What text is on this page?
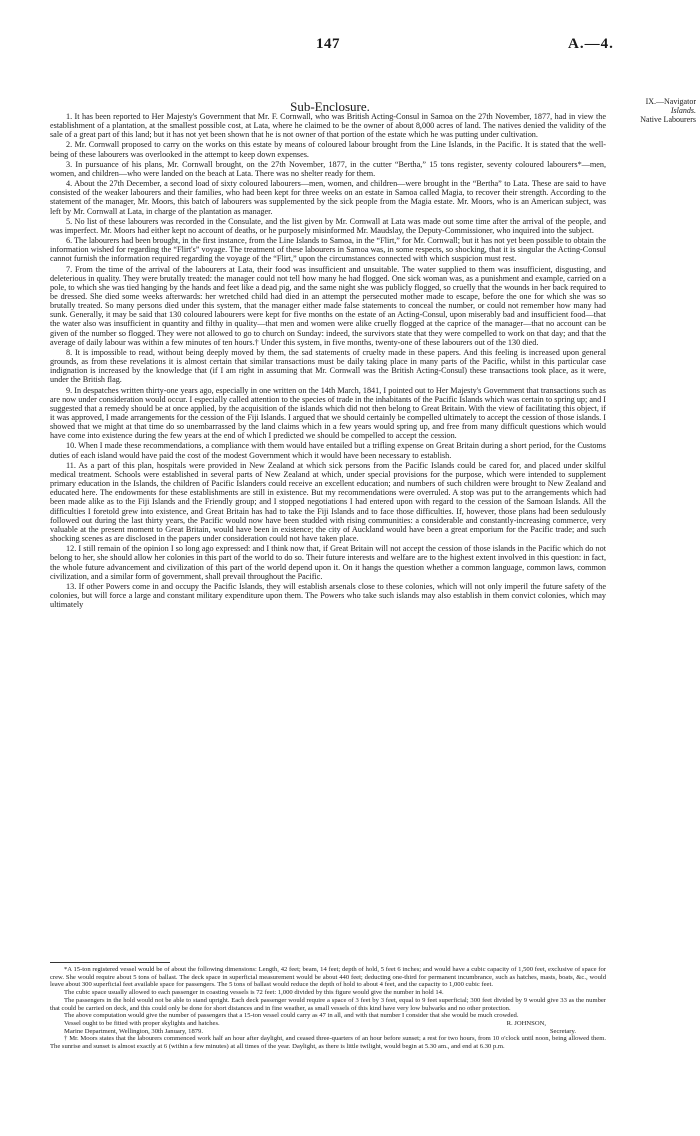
147	A.—4.
IX.—Navigator
Islands.
Native Labourers
Sub-Enclosure.

1. It has been reported to Her Majesty's Government that Mr. F. Cornwall, who was British Acting-Consul in Samoa on the 27th November, 1877, had in view the establishment of a plantation, at the smallest possible cost, at Lata, where he claimed to be the owner of about 8,000 acres of land. The natives denied the validity of the sale of a great part of this land; but it has not yet been shown that he is not owner of that portion of the estate which he was putting under cultivation.

2. Mr. Cornwall proposed to carry on the works on this estate by means of coloured labour brought from the Line Islands, in the Pacific. It is stated that the well-being of these labourers was overlooked in the attempt to keep down expenses.

3. In pursuance of his plans, Mr. Cornwall brought, on the 27th November, 1877, in the cutter “Bertha,” 15 tons register, seventy coloured labourers*—men, women, and children—who were landed on the beach at Lata. There was no shelter ready for them.

4. About the 27th December, a second load of sixty coloured labourers—men, women, and children—were brought in the “Bertha” to Lata. These are said to have consisted of the weaker labourers and their families, who had been kept for three weeks on an estate in Samoa called Magia, to recover their strength. According to the statement of the manager, Mr. Moors, this batch of labourers was supplemented by the sick people from the Magia estate. Mr. Moors, who is an American subject, was left by Mr. Cornwall at Lata, in charge of the plantation as manager.

5. No list of these labourers was recorded in the Consulate, and the list given by Mr. Cornwall at Lata was made out some time after the arrival of the people, and was imperfect. Mr. Moors had either kept no account of deaths, or he purposely misinformed Mr. Maudslay, the Deputy-Commissioner, who inquired into the subject.

6. The labourers had been brought, in the first instance, from the Line Islands to Samoa, in the “Flirt,” for Mr. Cornwall; but it has not yet been possible to obtain the information wished for regarding the “Flirt's” voyage. The treatment of these labourers in Samoa was, in some respects, so shocking, that it is singular the Acting-Consul cannot furnish the information required regarding the voyage of the “Flirt,” upon the circumstances connected with which suspicion must rest.

7. From the time of the arrival of the labourers at Lata, their food was insufficient and unsuitable. The water supplied to them was insufficient, disgusting, and deleterious in quality. They were brutally treated: the manager could not tell how many he had flogged. One sick woman was, as a punishment and example, carried on a pole, to which she was tied hanging by the hands and feet like a dead pig, and the same night she was publicly flogged, so cruelly that the wounds in her back required to be dressed. She died some weeks afterwards: her wretched child had died in an attempt the persecuted mother made to escape, before the one for which she was so brutally treated. So many persons died under this system, that the manager either made false statements to conceal the number, or could not remember how many had sunk. Generally, it may be said that 130 coloured labourers were kept for five months on the estate of an Acting-Consul, upon miserably bad and insufficient food—that the water also was insufficient in quantity and filthy in quality—that men and women were alike cruelly flogged at the caprice of the manager—that no account can be given of the number so flogged. They were not allowed to go to church on Sunday: indeed, the survivors state that they were compelled to work on that day; and that the average of daily labour was within a few minutes of ten hours.† Under this system, in five months, twenty-one of these labourers out of the 130 died.

8. It is impossible to read, without being deeply moved by them, the sad statements of cruelty made in these papers. And this feeling is increased upon general grounds, as from these revelations it is almost certain that similar transactions must be daily taking place in many parts of the Pacific, whilst in this particular case indignation is increased by the knowledge that (if I am right in assuming that Mr. Cornwall was the British Acting-Consul) these transactions took place, as it were, under the British flag.

9. In despatches written thirty-one years ago, especially in one written on the 14th March, 1841, I pointed out to Her Majesty's Government that transactions such as are now under consideration would occur. I especially called attention to the species of trade in the inhabitants of the Pacific Islands which was certain to spring up; and I suggested that a remedy should be at once applied, by the acquisition of the islands which did not then belong to Great Britain. With the view of facilitating this object, if it was approved, I made arrangements for the cession of the Fiji Islands. I argued that we should certainly be compelled ultimately to accept the cession of those islands. I showed that we might at that time do so unembarrassed by the land claims which in a few years would spring up, and free from many difficult questions which would have come into existence during the few years at the end of which I predicted we should be compelled to accept the cession.

10. When I made these recommendations, a compliance with them would have entailed but a trifling expense on Great Britain during a short period, for the Customs duties of each island would have paid the cost of the modest Government which it would have been necessary to establish.

11. As a part of this plan, hospitals were provided in New Zealand at which sick persons from the Pacific Islands could be cared for, and placed under skilful medical treatment. Schools were established in several parts of New Zealand at which, under special provisions for the purpose, which were intended to supplement primary education in the Islands, the children of Pacific Islanders could receive an excellent education; and numbers of such children were brought to New Zealand and educated here. The endowments for these establishments are still in existence. But my recommendations were overruled. A stop was put to the arrangements which had been made alike as to the Fiji Islands and the Friendly group; and I stopped negotiations I had entered upon with regard to the cession of the Samoan Islands. All the difficulties I foretold grew into existence, and Great Britain has had to take the Fiji Islands and to face those difficulties. If, however, those plans had been sedulously followed out during the last thirty years, the Pacific would now have been studded with rising communities: a considerable and constantly-increasing commerce, very valuable at the present moment to Great Britain, would have been in existence; the city of Auckland would have been a great emporium for the Pacific trade; and such shocking scenes as are disclosed in the papers under consideration could not have taken place.

12. I still remain of the opinion I so long ago expressed: and I think now that, if Great Britain will not accept the cession of those islands in the Pacific which do not belong to her, she should allow her colonies in this part of the world to do so. Their future interests and welfare are to the highest extent involved in this question: in fact, the whole future advancement and civilization of this part of the world depend upon it. On it hangs the question whether a common language, common laws, common civilization, and a similar form of government, shall prevail throughout the Pacific.

13. If other Powers come in and occupy the Pacific Islands, they will establish arsenals close to these colonies, which will not only imperil the future safety of the colonies, but will force a large and constant military expenditure upon them. The Powers who take such islands may also establish in them convict colonies, which may ultimately

*A 15-ton registered vessel would be of about the following dimensions: Length, 42 feet; beam, 14 feet; depth of hold, 5 feet 6 inches; and would have a cubic capacity of 1,500 feet, exclusive of space for crew. She would require about 5 tons of ballast. The deck space in superficial measurement would be about 440 feet; deducting one-third for permanent incumbrance, such as hatches, masts, boats, &c., would leave about 300 superficial feet available space for passengers. The 5 tons of ballast would reduce the depth of hold to about 4 feet, and the capacity to 1,000 cubic feet.

The cubic space usually allowed to each passenger in coasting vessels is 72 feet: 1,000 divided by this figure would give the number in hold 14.

The passengers in the hold would not be able to stand upright. Each deck passenger would require a space of 3 feet by 3 feet, equal to 9 feet superficial; 300 feet divided by 9 would give 33 as the number that could be carried on deck, and this could only be done for short distances and in fine weather, as small vessels of this kind have very low bulwarks and no other protection.

The above computation would give the number of passengers that a 15-ton vessel could carry as 47 in all, and with that number I consider that she would be much crowded.

Vessel ought to be fitted with proper skylights and hatches.	R. JOHNSON,

Marine Department, Wellington, 30th January, 1879.	Secretary.

† Mr. Moors states that the labourers commenced work half an hour after daylight, and ceased three-quarters of an hour before sunset; a rest for two hours, from 10 o'clock until noon, being allowed them. The sunrise and sunset is almost exactly at 6 (within a few minutes) at all times of the year. Daylight, as there is little twilight, would begin at 5.30 am., and end at 6.30 p.m.
